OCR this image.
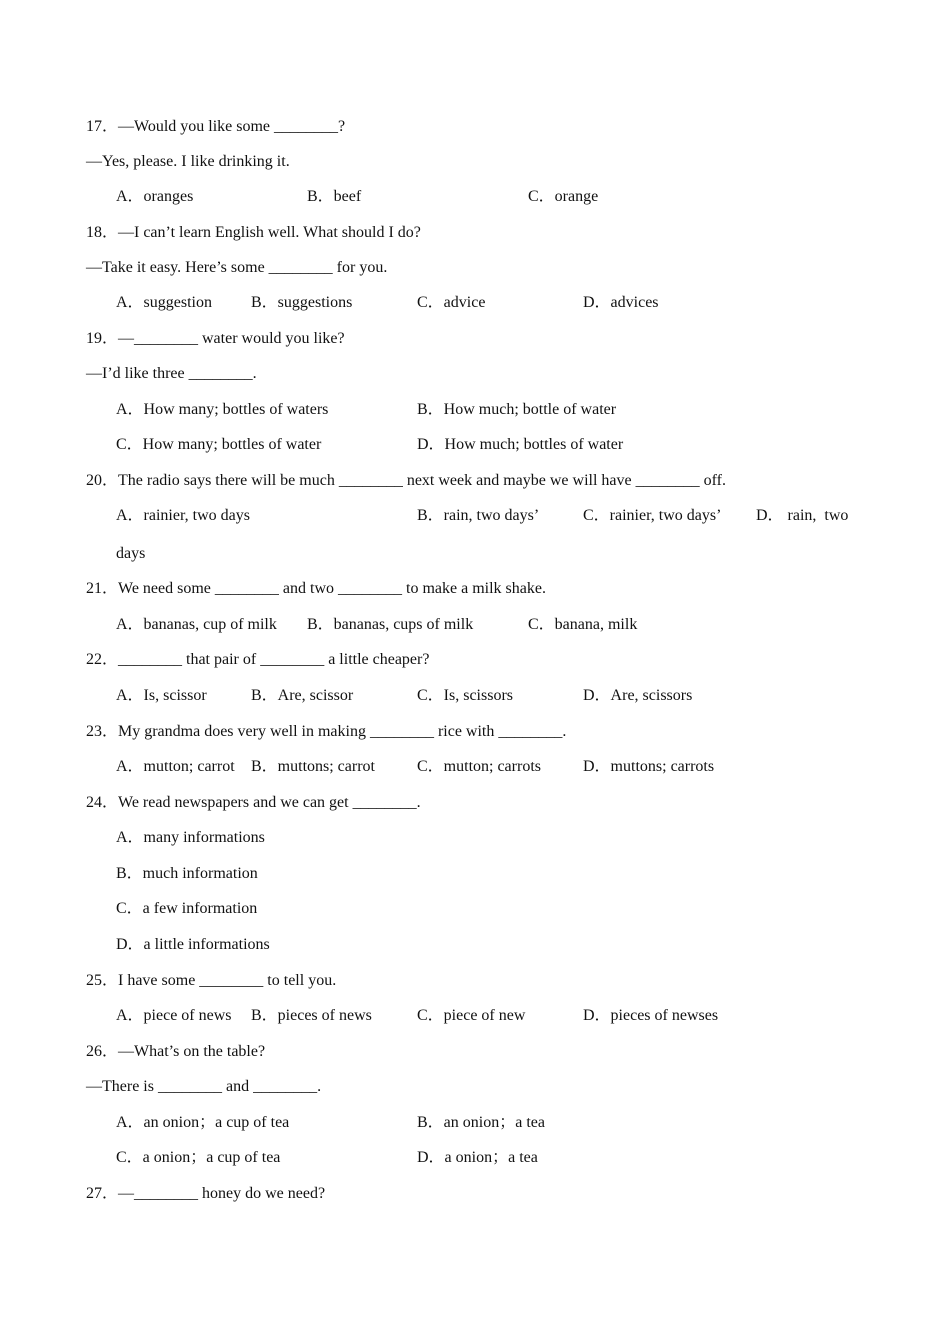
17．—Would you like some ________?
—Yes, please. I like drinking it.
A．oranges	B．beef	C．orange
18．—I can’t learn English well. What should I do?
—Take it easy. Here’s some ________ for you.
A．suggestion B．suggestions	C．advice	D．advices
19．—________ water would you like?
—I’d like three ________.
A．How many; bottles of waters	B．How much; bottle of water
C．How many; bottles of water	D．How much; bottles of water
20．The radio says there will be much ________ next week and maybe we will have ________ off.
A．rainier, two days	B．rain, two days’	C．rainier, two days’ D． rain,  two
days
21．We need some ________ and two ________ to make a milk shake.
A．bananas, cup of milk B．bananas, cups of milk	C．banana, milk
22．________ that pair of ________ a little cheaper?
A．Is, scissor	B．Are, scissor	C．Is, scissors	D．Are, scissors
23．My grandma does very well in making ________ rice with ________.
A．mutton; carrot B．muttons; carrot	C．mutton; carrots	D．muttons; carrots
24．We read newspapers and we can get ________.
A．many informations
B．much information
C．a few information
D．a little informations
25．I have some ________ to tell you.
A．piece of news B．pieces of news	C．piece of new	D．pieces of newses
26．—What’s on the table?
—There is ________ and ________.
A．an onion；a cup of tea	B．an onion；a tea
C．a onion；a cup of tea	D．a onion；a tea
27．—________ honey do we need?
